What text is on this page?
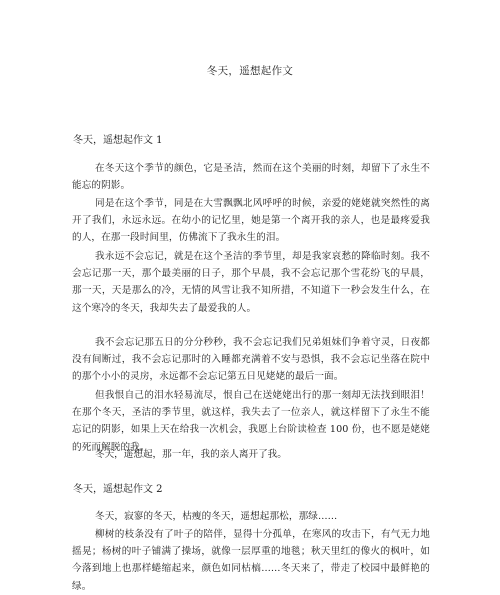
冬天，遥想起作文
冬天，遥想起作文 1

在冬天这个季节的颜色，它是圣洁，然而在这个美丽的时刻，却留下了永生不能忘的阴影。

同是在这个季节，同是在大雪飘飘北风呼呼的时候，亲爱的姥姥就突然性的离开了我们，永远永远。在幼小的记忆里，她是第一个离开我的亲人，也是最疼爱我的人，在那一段时间里，仿佛流下了我永生的泪。

我永远不会忘记，就是在这个圣洁的季节里，却是我家哀愁的降临时刻。我不会忘记那一天，那个最美丽的日子，那个早晨，我不会忘记那个雪花纷飞的早晨，那一天，天是那么的冷，无情的风雪让我不知所措，不知道下一秒会发生什么，在这个寒冷的冬天，我却失去了最爱我的人。

我不会忘记那五日的分分秒秒，我不会忘记我们兄弟姐妹们争着守灵，日夜都没有间断过，我不会忘记那时的入睡都充满着不安与恐惧，我不会忘记坐落在院中的那个小小的灵房，永远都不会忘记第五日见姥姥的最后一面。

但我恨自己的泪水轻易流尽，恨自己在送姥姥出行的那一刻却无法找到眼泪！在那个冬天，圣洁的季节里，就这样，我失去了一位亲人，就这样留下了永生不能忘记的阴影，如果上天在给我一次机会，我愿上台阶读检查 100 份，也不愿是姥姥的死而解脱的我。

冬天，遥想起，那一年，我的亲人离开了我。
冬天，遥想起作文 2

冬天，寂寥的冬天，枯瘦的冬天，遥想起那松，那绿……

柳树的枝条没有了叶子的陪伴，显得十分孤单，在寒风的攻击下，有气无力地摇晃；杨树的叶子铺满了操场，就像一层厚重的地毯；秋天里红的像火的枫叶，如今落到地上也那样蜷缩起来，颜色如同枯槁……冬天来了，带走了校园中最鲜艳的绿。
